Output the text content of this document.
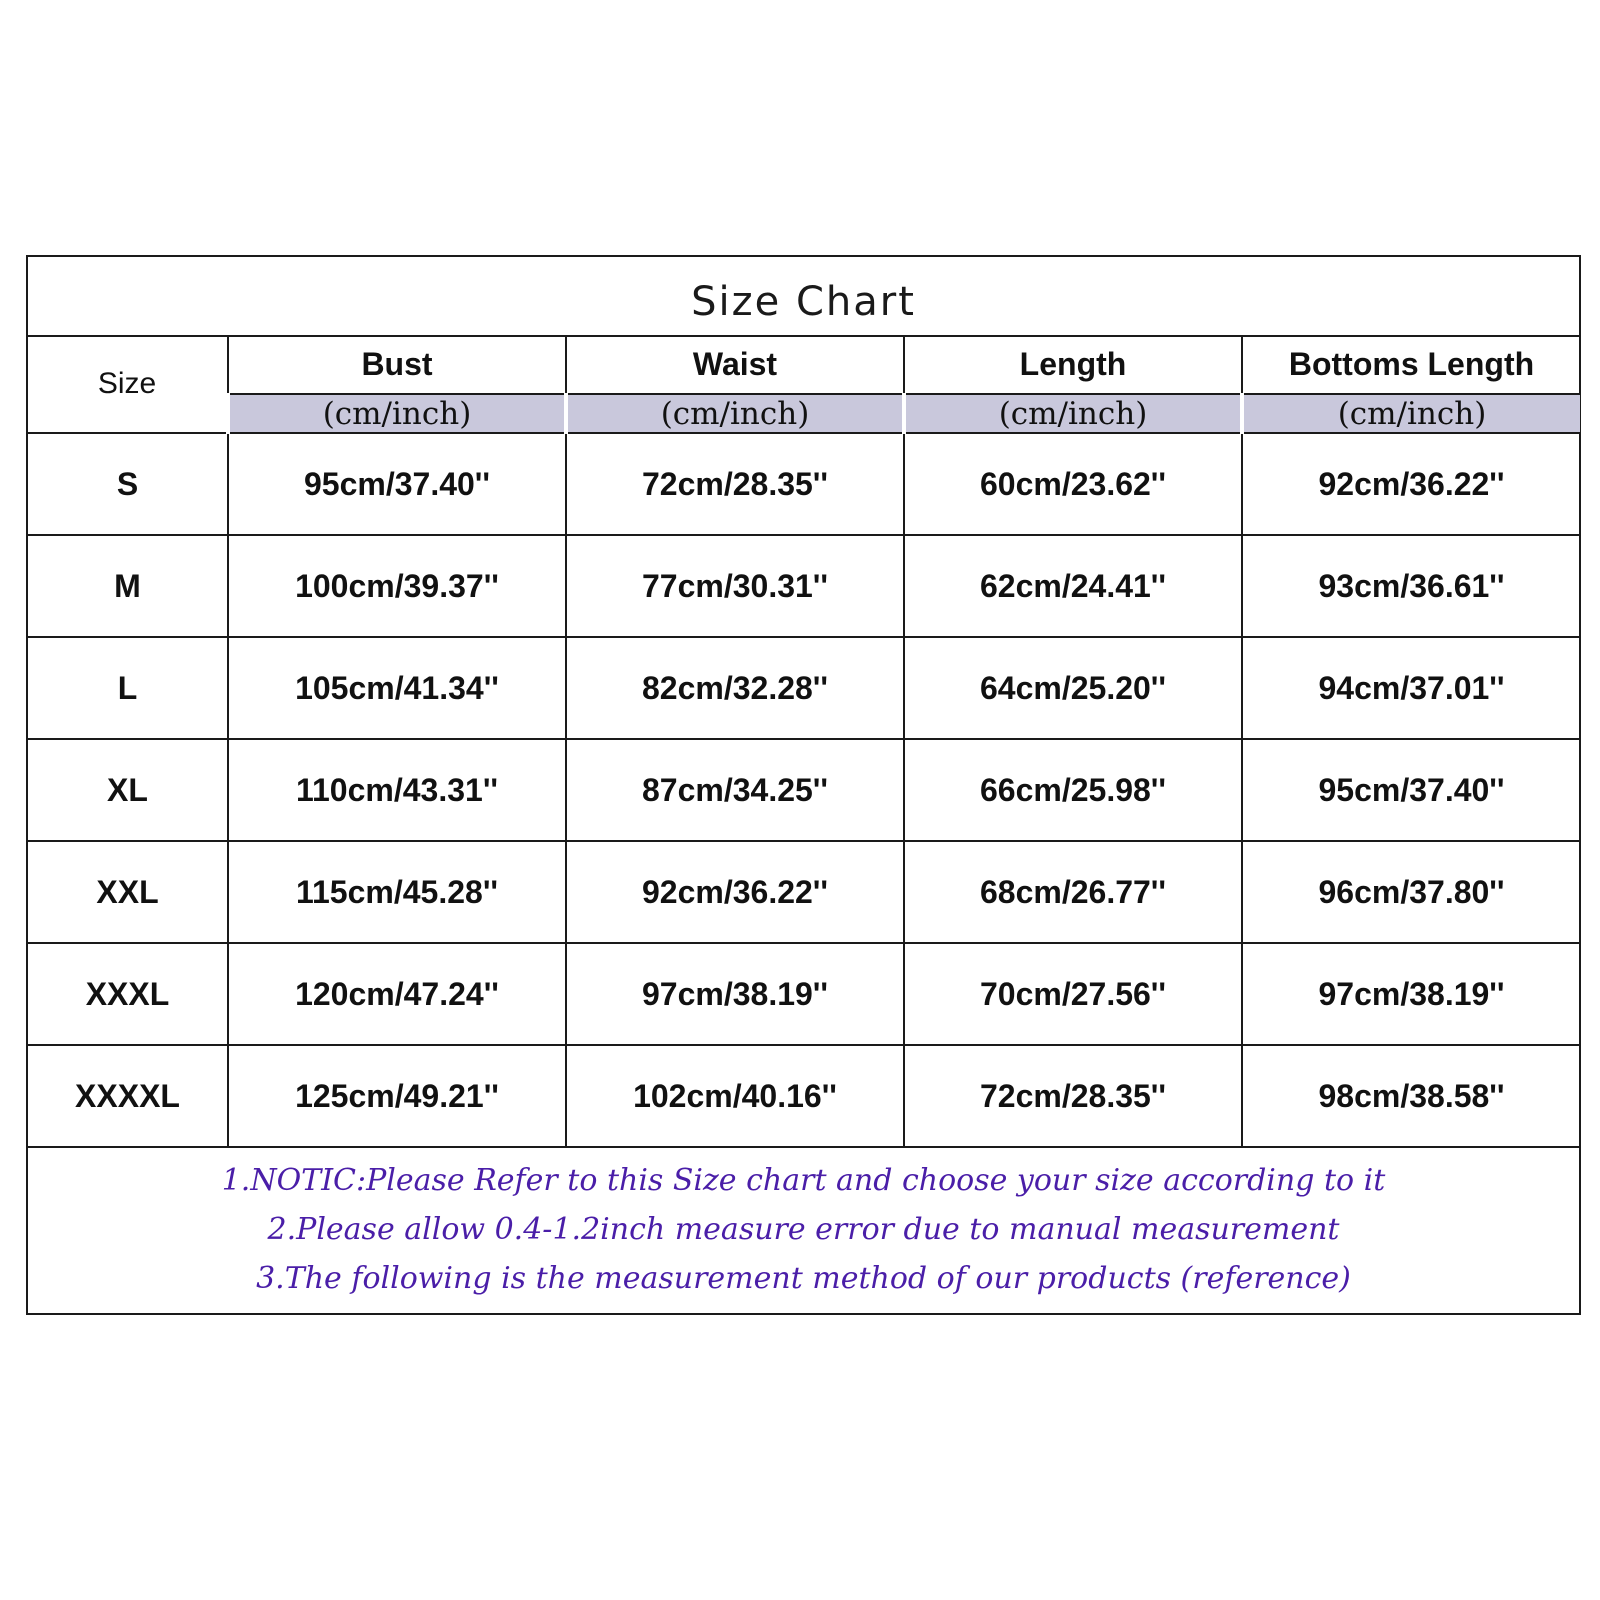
Size Chart
Size	Bust	Waist	Length	Bottoms Length
	(cm/inch)	(cm/inch)	(cm/inch)	(cm/inch)
S	95cm/37.40''	72cm/28.35''	60cm/23.62''	92cm/36.22''
M	100cm/39.37''	77cm/30.31''	62cm/24.41''	93cm/36.61''
L	105cm/41.34''	82cm/32.28''	64cm/25.20''	94cm/37.01''
XL	110cm/43.31''	87cm/34.25''	66cm/25.98''	95cm/37.40''
XXL	115cm/45.28''	92cm/36.22''	68cm/26.77''	96cm/37.80''
XXXL	120cm/47.24''	97cm/38.19''	70cm/27.56''	97cm/38.19''
XXXXL	125cm/49.21''	102cm/40.16''	72cm/28.35''	98cm/38.58''
1.NOTIC:Please Refer to this Size chart and choose your size according to it
2.Please allow 0.4-1.2inch measure error due to manual measurement
3.The following is the measurement method of our products (reference)
